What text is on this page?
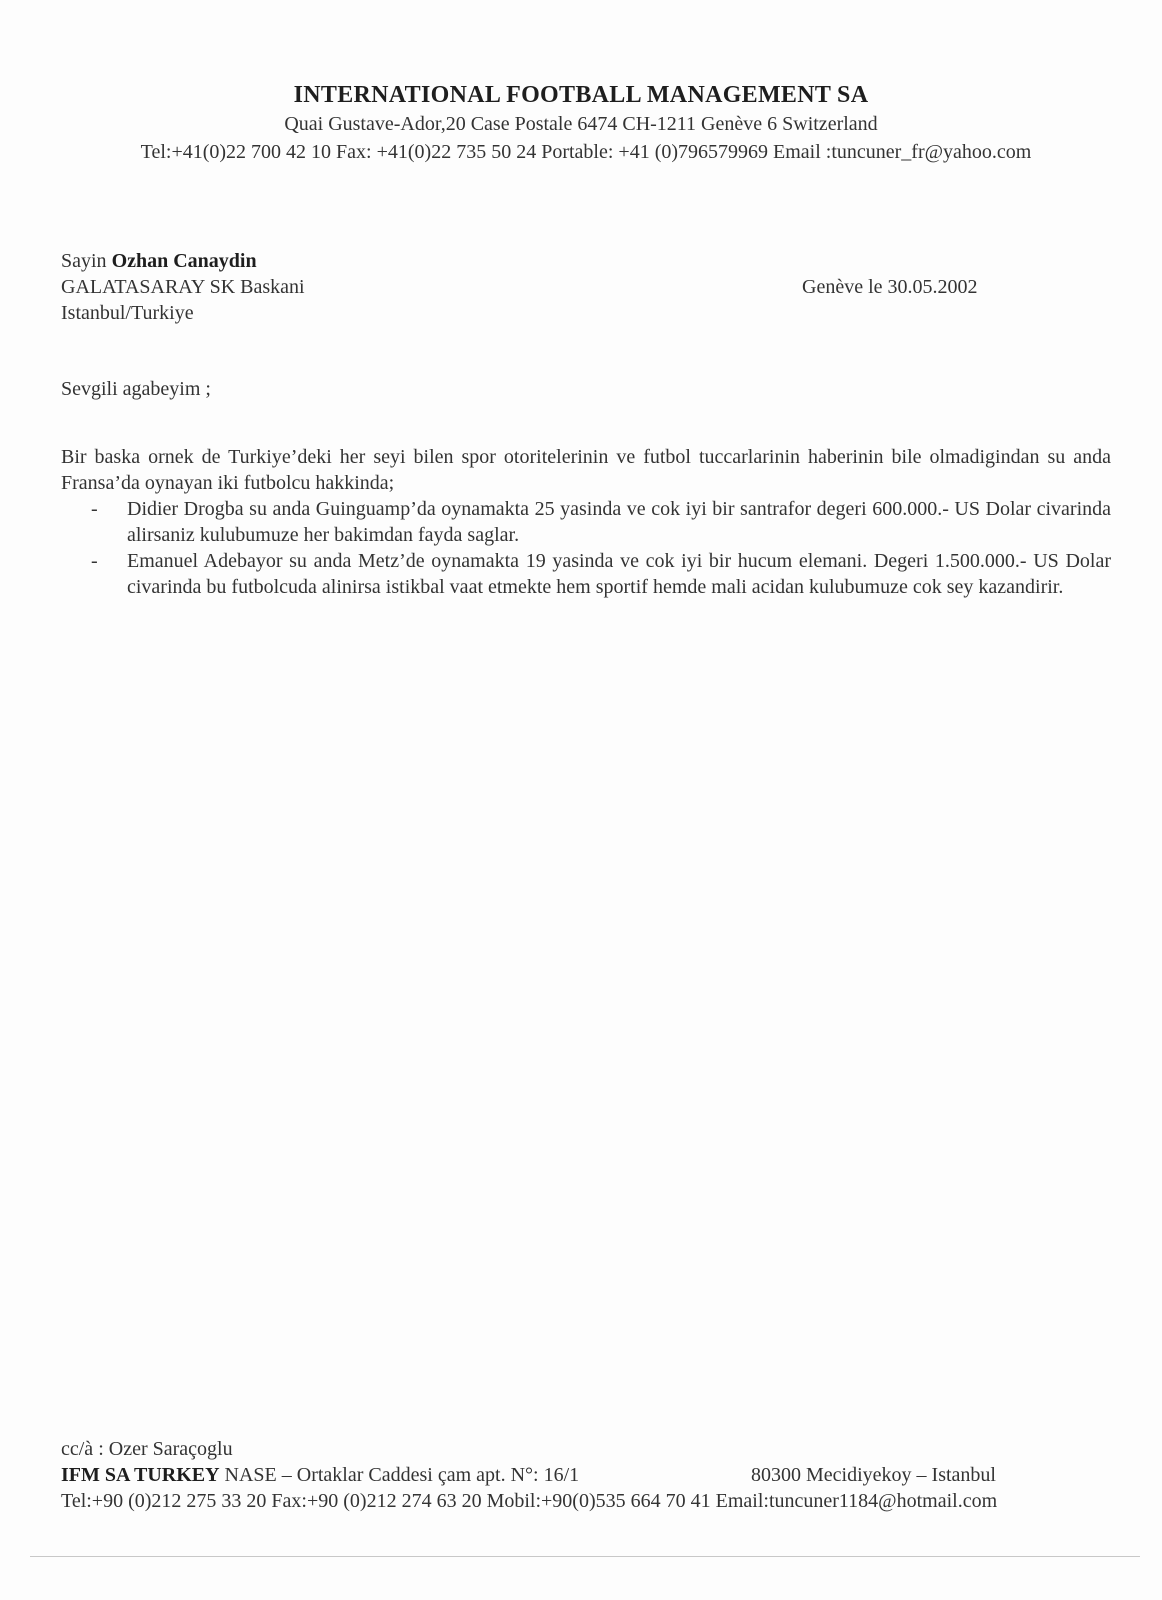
INTERNATIONAL FOOTBALL MANAGEMENT SA
Quai Gustave-Ador,20 Case Postale 6474 CH-1211 Genève 6 Switzerland
Tel:+41(0)22 700 42 10 Fax: +41(0)22 735 50 24 Portable: +41 (0)796579969 Email :tuncuner_fr@yahoo.com
Sayin Ozhan Canaydin
GALATASARAY SK Baskani
Istanbul/Turkiye
Genève le 30.05.2002
Sevgili agabeyim ;
Bir baska ornek de Turkiye’deki her seyi bilen spor otoritelerinin ve futbol tuccarlarinin haberinin bile olmadigindan su anda Fransa’da oynayan iki futbolcu hakkinda;
- Didier Drogba su anda Guinguamp’da oynamakta 25 yasinda ve cok iyi bir santrafor degeri 600.000.- US Dolar civarinda alirsaniz kulubumuze her bakimdan fayda saglar.
- Emanuel Adebayor su anda Metz’de oynamakta 19 yasinda ve cok iyi bir hucum elemani. Degeri 1.500.000.- US Dolar civarinda bu futbolcuda alinirsa istikbal vaat etmekte hem sportif hemde mali acidan kulubumuze cok sey kazandirir.
cc/à : Ozer Saraçoglu
IFM SA TURKEY NASE – Ortaklar Caddesi çam apt. N°: 16/1	80300 Mecidiyekoy – Istanbul
Tel:+90 (0)212 275 33 20 Fax:+90 (0)212 274 63 20 Mobil:+90(0)535 664 70 41 Email:tuncuner1184@hotmail.com
